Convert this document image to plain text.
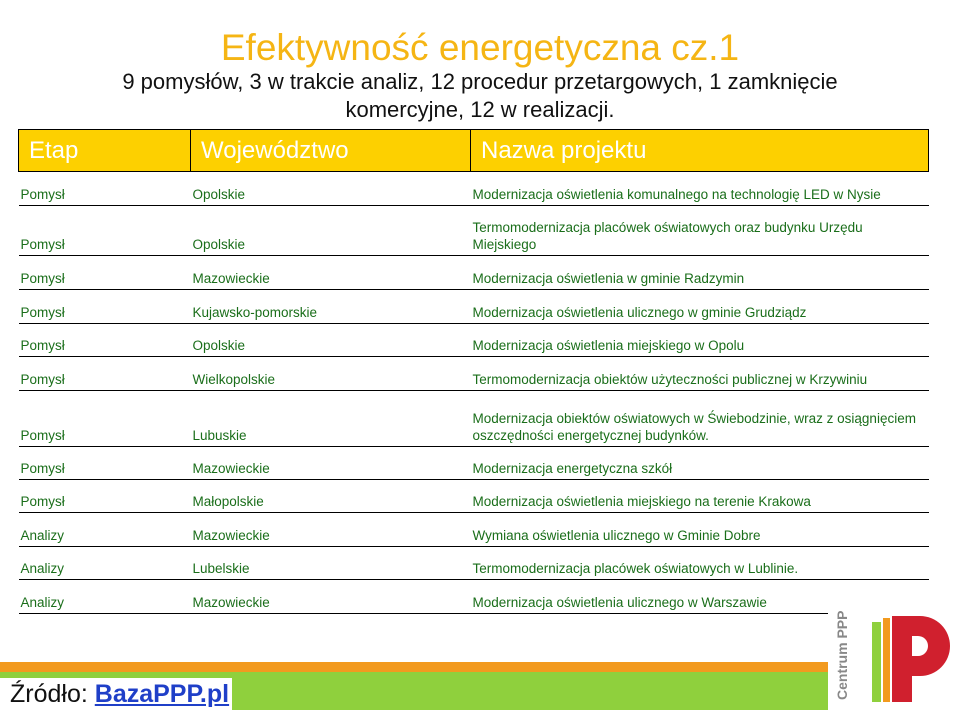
Efektywność energetyczna cz.1
9 pomysłów, 3 w trakcie analiz, 12 procedur przetargowych, 1 zamknięcie komercyjne, 12 w realizacji.
Etap	Województwo	Nazwa projektu
Pomysł	Opolskie	Modernizacja oświetlenia komunalnego na technologię LED w Nysie
Pomysł	Opolskie	Termomodernizacja placówek oświatowych oraz budynku Urzędu Miejskiego
Pomysł	Mazowieckie	Modernizacja oświetlenia w gminie Radzymin
Pomysł	Kujawsko-pomorskie	Modernizacja oświetlenia ulicznego w gminie Grudziądz
Pomysł	Opolskie	Modernizacja oświetlenia miejskiego w Opolu
Pomysł	Wielkopolskie	Termomodernizacja obiektów użyteczności publicznej w Krzywiniu
Pomysł	Lubuskie	Modernizacja obiektów oświatowych w Świebodzinie, wraz z osiągnięciem oszczędności energetycznej budynków.
Pomysł	Mazowieckie	Modernizacja energetyczna szkół
Pomysł	Małopolskie	Modernizacja oświetlenia miejskiego na terenie Krakowa
Analizy	Mazowieckie	Wymiana oświetlenia ulicznego w Gminie Dobre
Analizy	Lubelskie	Termomodernizacja placówek oświatowych w Lublinie.
Analizy	Mazowieckie	Modernizacja oświetlenia ulicznego w Warszawie
Źródło: BazaPPP.pl	Centrum PPP
